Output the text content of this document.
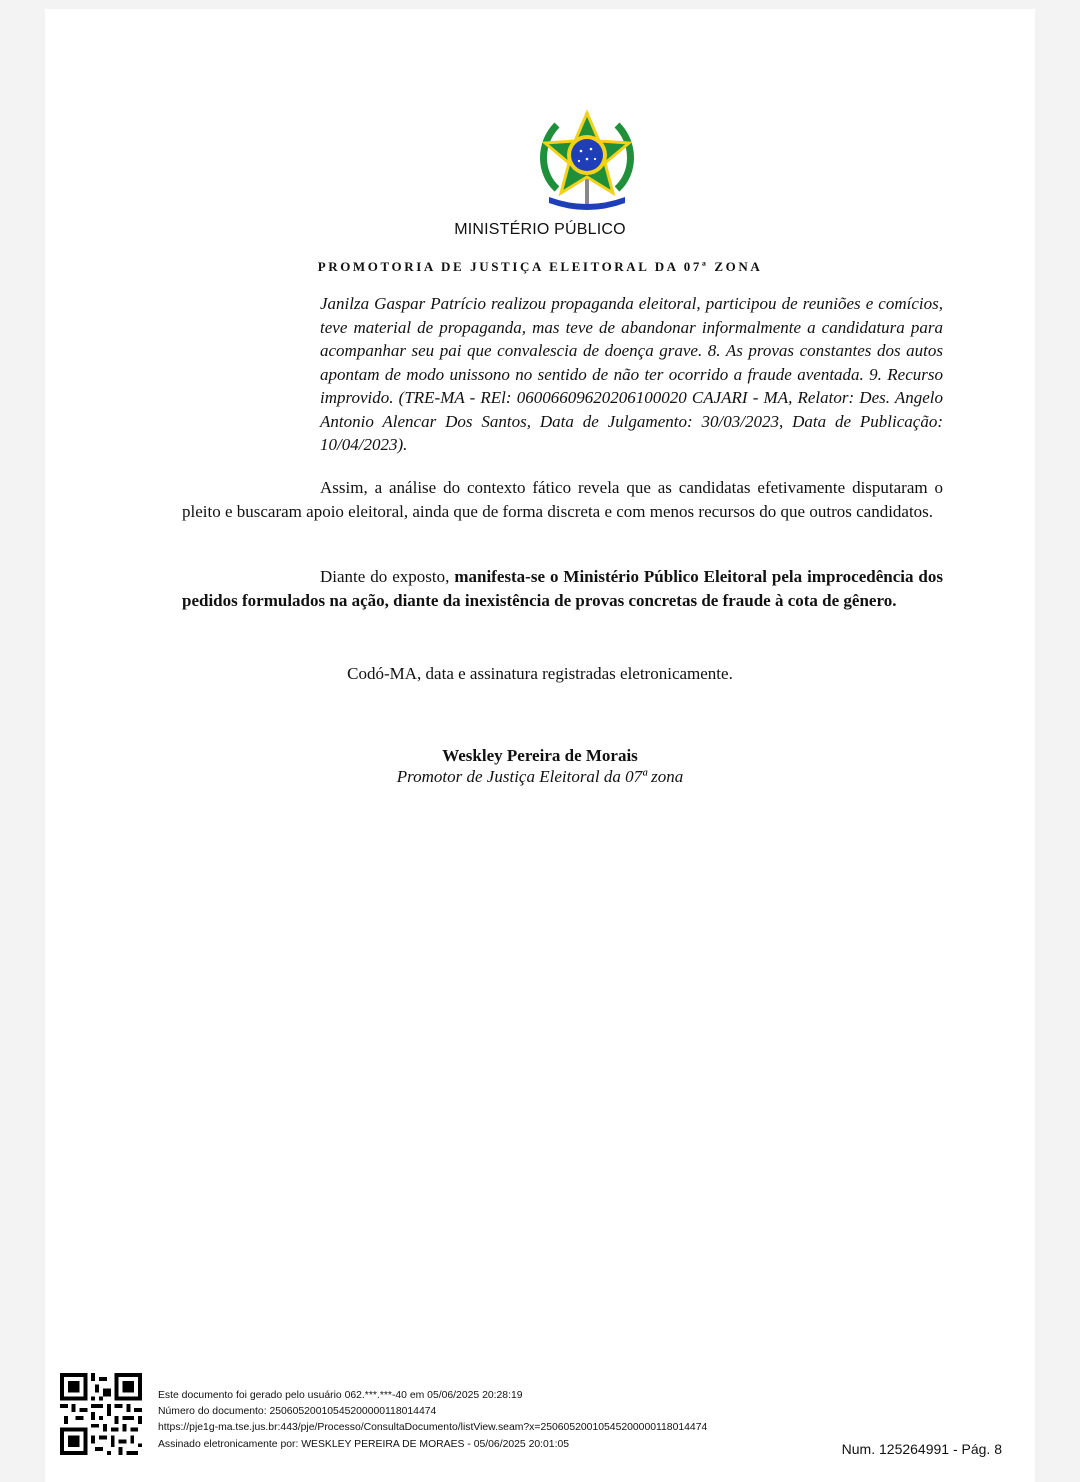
MINISTÉRIO PÚBLICO
PROMOTORIA DE JUSTIÇA ELEITORAL DA 07ª ZONA
Janilza Gaspar Patrício realizou propaganda eleitoral, participou de reuniões e comícios, teve material de propaganda, mas teve de abandonar informalmente a candidatura para acompanhar seu pai que convalescia de doença grave. 8. As provas constantes dos autos apontam de modo unissono no sentido de não ter ocorrido a fraude aventada. 9. Recurso improvido. (TRE-MA - REl: 06006609620206100020 CAJARI - MA, Relator: Des. Angelo Antonio Alencar Dos Santos, Data de Julgamento: 30/03/2023, Data de Publicação: 10/04/2023).
Assim, a análise do contexto fático revela que as candidatas efetivamente disputaram o pleito e buscaram apoio eleitoral, ainda que de forma discreta e com menos recursos do que outros candidatos.
Diante do exposto, manifesta-se o Ministério Público Eleitoral pela improcedência dos pedidos formulados na ação, diante da inexistência de provas concretas de fraude à cota de gênero.
Codó-MA, data e assinatura registradas eletronicamente.
Weskley Pereira de Morais
Promotor de Justiça Eleitoral da 07ª zona
Este documento foi gerado pelo usuário 062.***.***-40 em 05/06/2025 20:28:19
Número do documento: 25060520010545200000118014474
https://pje1g-ma.tse.jus.br:443/pje/Processo/ConsultaDocumento/listView.seam?x=25060520010545200000118014474
Assinado eletronicamente por: WESKLEY PEREIRA DE MORAES - 05/06/2025 20:01:05	Num. 125264991 - Pág. 8
